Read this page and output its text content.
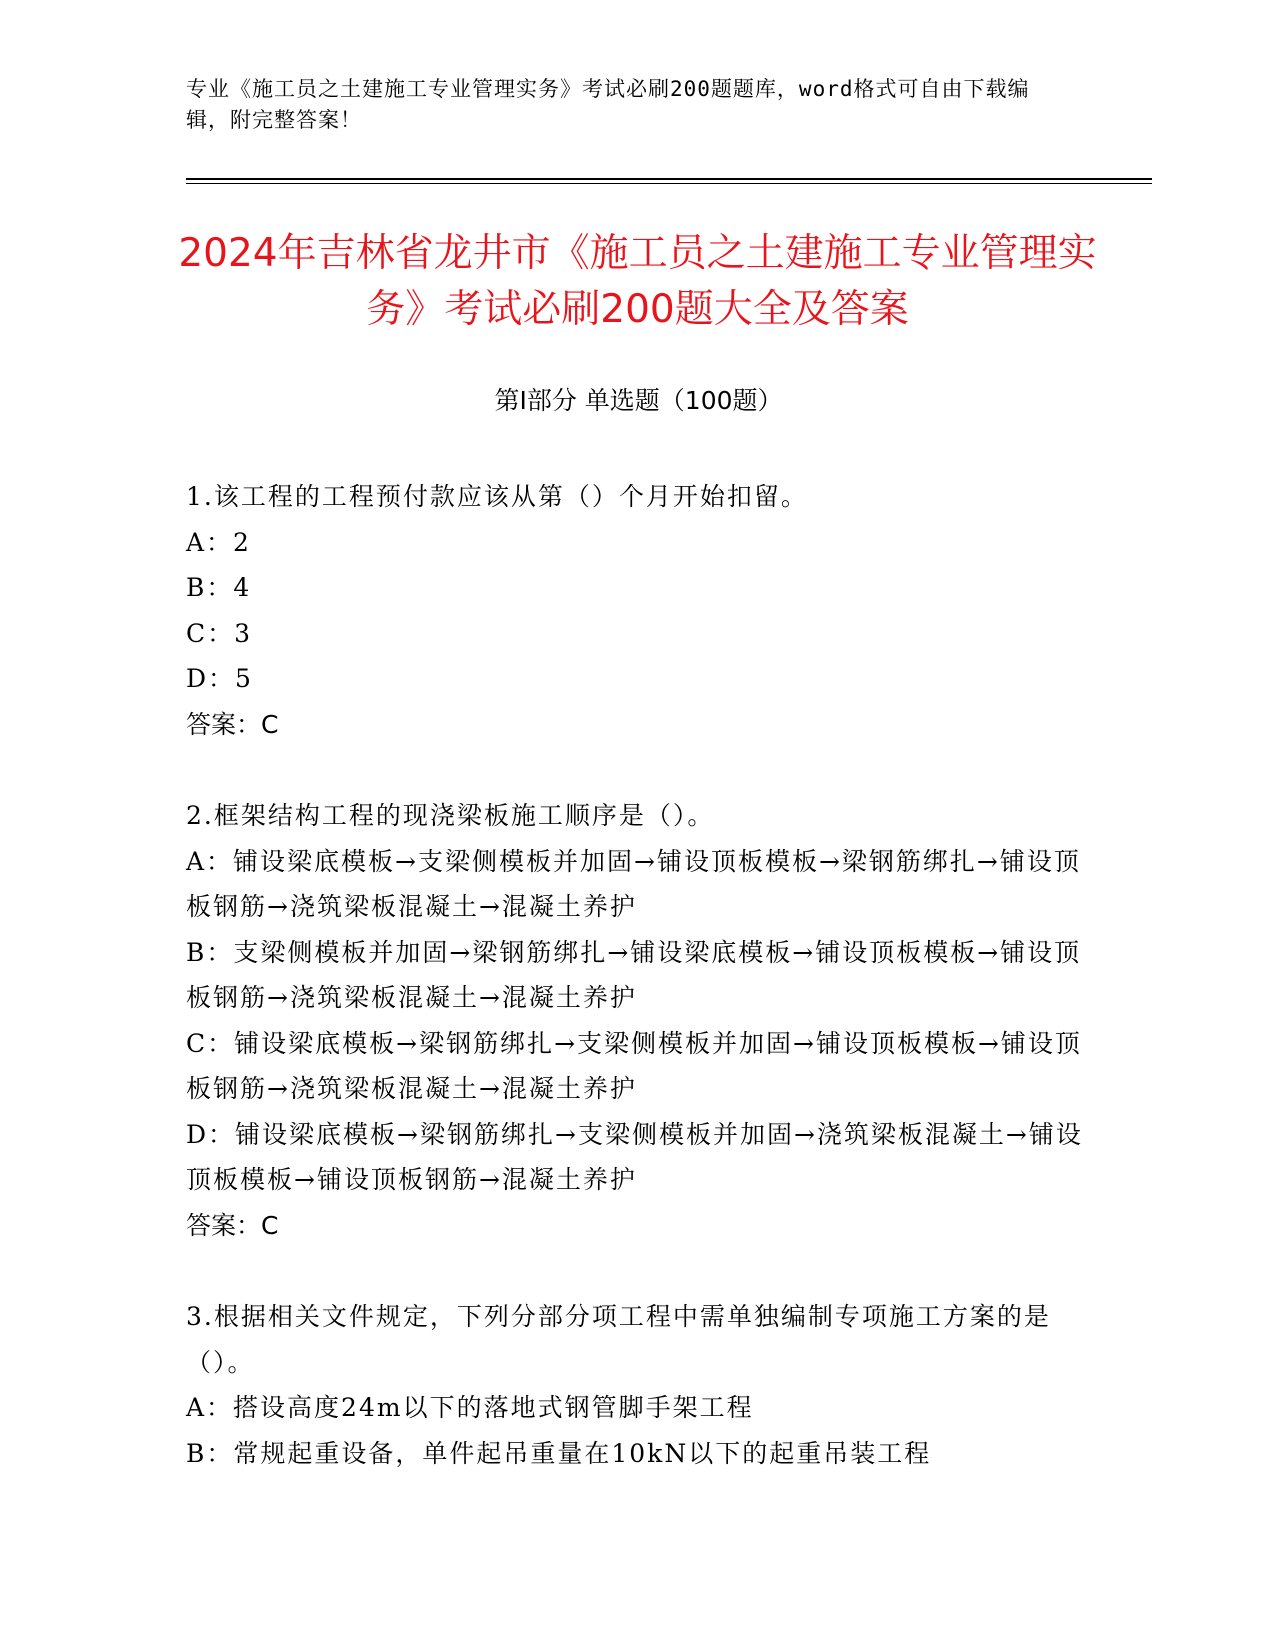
专业《施工员之土建施工专业管理实务》考试必刷200题题库，word格式可自由下载编辑，附完整答案！
2024年吉林省龙井市《施工员之土建施工专业管理实务》考试必刷200题大全及答案
第Ⅰ部分 单选题（100题）
1.该工程的工程预付款应该从第（）个月开始扣留。
A：2
B：4
C：3
D：5
答案：C
2.框架结构工程的现浇梁板施工顺序是（）。
A：铺设梁底模板→支梁侧模板并加固→铺设顶板模板→梁钢筋绑扎→铺设顶板钢筋→浇筑梁板混凝土→混凝土养护
B：支梁侧模板并加固→梁钢筋绑扎→铺设梁底模板→铺设顶板模板→铺设顶板钢筋→浇筑梁板混凝土→混凝土养护
C：铺设梁底模板→梁钢筋绑扎→支梁侧模板并加固→铺设顶板模板→铺设顶板钢筋→浇筑梁板混凝土→混凝土养护
D：铺设梁底模板→梁钢筋绑扎→支梁侧模板并加固→浇筑梁板混凝土→铺设顶板模板→铺设顶板钢筋→混凝土养护
答案：C
3.根据相关文件规定，下列分部分项工程中需单独编制专项施工方案的是（）。
A：搭设高度24m以下的落地式钢管脚手架工程
B：常规起重设备，单件起吊重量在10kN以下的起重吊装工程
